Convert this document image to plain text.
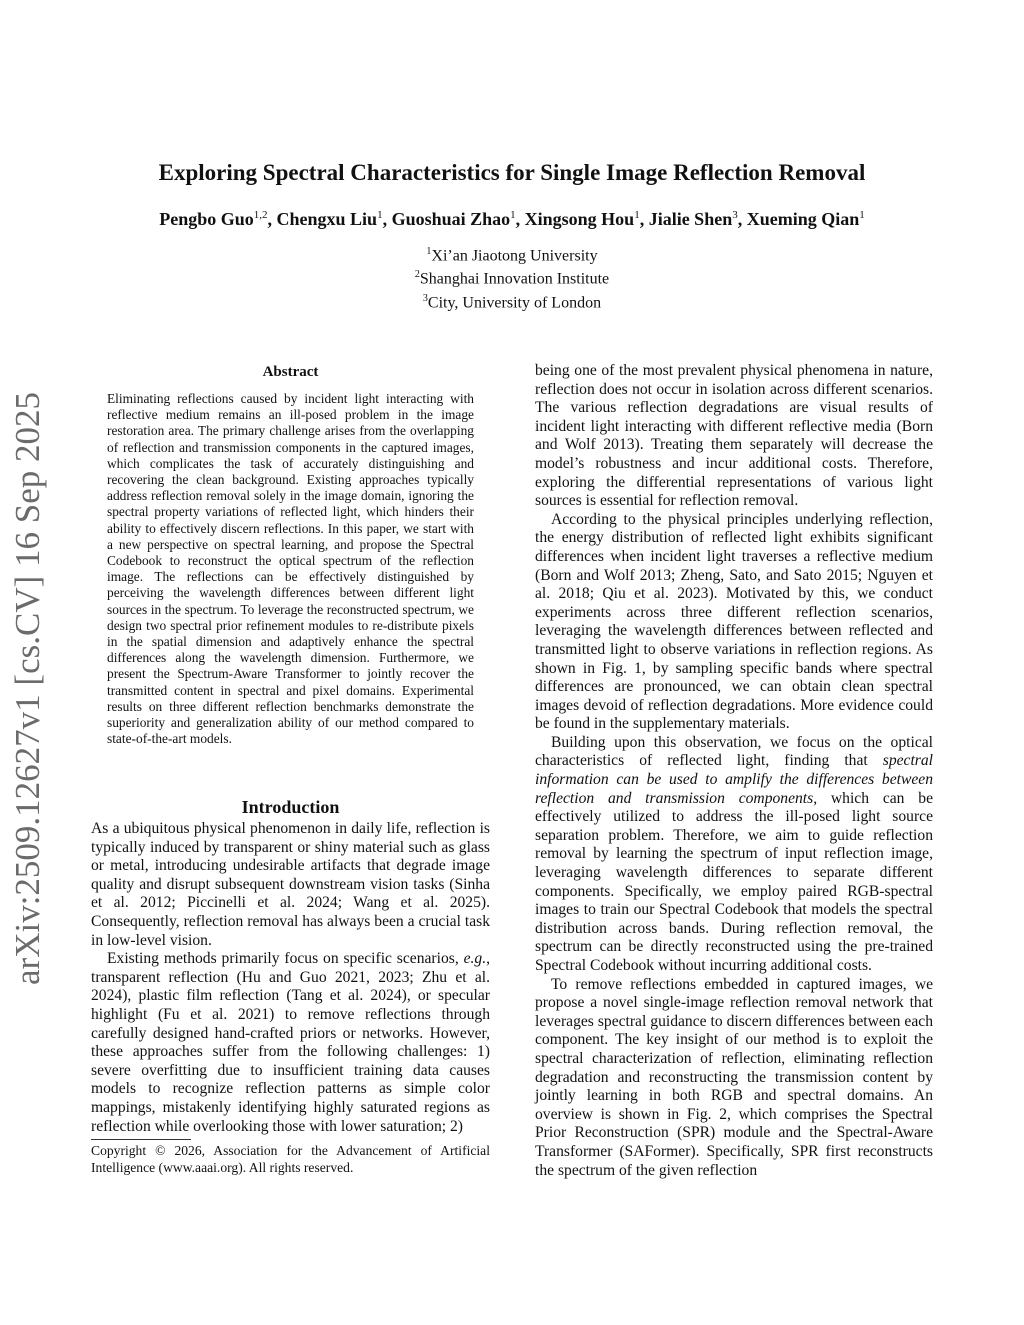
Exploring Spectral Characteristics for Single Image Reflection Removal
Pengbo Guo$^{1,2}$, Chengxu Liu$^1$, Guoshuai Zhao$^1$, Xingsong Hou$^1$, Jialie Shen$^3$, Xueming Qian$^1$
$^1$Xi’an Jiaotong University
$^2$Shanghai Innovation Institute
$^3$City, University of London
arXiv:2509.12627v1 [cs.CV] 16 Sep 2025
Abstract

Eliminating reflections caused by incident light interacting with reflective medium remains an ill-posed problem in the image restoration area. The primary challenge arises from the overlapping of reflection and transmission components in the captured images, which complicates the task of accurately distinguishing and recovering the clean background. Existing approaches typically address reflection removal solely in the image domain, ignoring the spectral property variations of reflected light, which hinders their ability to effectively discern reflections. In this paper, we start with a new perspective on spectral learning, and propose the Spectral Codebook to reconstruct the optical spectrum of the reflection image. The reflections can be effectively distinguished by perceiving the wavelength differences between different light sources in the spectrum. To leverage the reconstructed spectrum, we design two spectral prior refinement modules to re-distribute pixels in the spatial dimension and adaptively enhance the spectral differences along the wavelength dimension. Furthermore, we present the Spectrum-Aware Transformer to jointly recover the transmitted content in spectral and pixel domains. Experimental results on three different reflection benchmarks demonstrate the superiority and generalization ability of our method compared to state-of-the-art models.

Introduction

As a ubiquitous physical phenomenon in daily life, reflection is typically induced by transparent or shiny material such as glass or metal, introducing undesirable artifacts that degrade image quality and disrupt subsequent downstream vision tasks (Sinha et al. 2012; Piccinelli et al. 2024; Wang et al. 2025). Consequently, reflection removal has always been a crucial task in low-level vision.

Existing methods primarily focus on specific scenarios, e.g., transparent reflection (Hu and Guo 2021, 2023; Zhu et al. 2024), plastic film reflection (Tang et al. 2024), or specular highlight (Fu et al. 2021) to remove reflections through carefully designed hand-crafted priors or networks. However, these approaches suffer from the following challenges: 1) severe overfitting due to insufficient training data causes models to recognize reflection patterns as simple color mappings, mistakenly identifying highly saturated regions as reflection while overlooking those with lower saturation; 2)

Copyright © 2026, Association for the Advancement of Artificial Intelligence (www.aaai.org). All rights reserved.

being one of the most prevalent physical phenomena in nature, reflection does not occur in isolation across different scenarios. The various reflection degradations are visual results of incident light interacting with different reflective media (Born and Wolf 2013). Treating them separately will decrease the model’s robustness and incur additional costs. Therefore, exploring the differential representations of various light sources is essential for reflection removal.

According to the physical principles underlying reflection, the energy distribution of reflected light exhibits significant differences when incident light traverses a reflective medium (Born and Wolf 2013; Zheng, Sato, and Sato 2015; Nguyen et al. 2018; Qiu et al. 2023). Motivated by this, we conduct experiments across three different reflection scenarios, leveraging the wavelength differences between reflected and transmitted light to observe variations in reflection regions. As shown in Fig. 1, by sampling specific bands where spectral differences are pronounced, we can obtain clean spectral images devoid of reflection degradations. More evidence could be found in the supplementary materials.

Building upon this observation, we focus on the optical characteristics of reflected light, finding that spectral information can be used to amplify the differences between reflection and transmission components, which can be effectively utilized to address the ill-posed light source separation problem. Therefore, we aim to guide reflection removal by learning the spectrum of input reflection image, leveraging wavelength differences to separate different components. Specifically, we employ paired RGB-spectral images to train our Spectral Codebook that models the spectral distribution across bands. During reflection removal, the spectrum can be directly reconstructed using the pre-trained Spectral Codebook without incurring additional costs.

To remove reflections embedded in captured images, we propose a novel single-image reflection removal network that leverages spectral guidance to discern differences between each component. The key insight of our method is to exploit the spectral characterization of reflection, eliminating reflection degradation and reconstructing the transmission content by jointly learning in both RGB and spectral domains. An overview is shown in Fig. 2, which comprises the Spectral Prior Reconstruction (SPR) module and the Spectral-Aware Transformer (SAFormer). Specifically, SPR first reconstructs the spectrum of the given reflection
